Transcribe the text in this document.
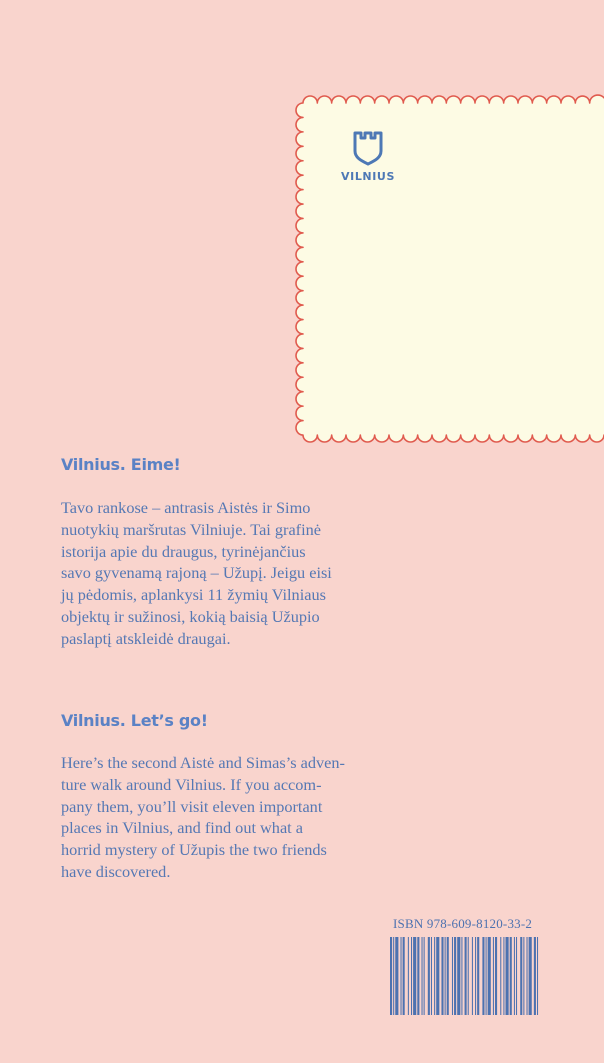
VILNIUS
Vilnius. Eime!

Tavo rankose – antrasis Aistės ir Simo
nuotykių maršrutas Vilniuje. Tai grafinė
istorija apie du draugus, tyrinėjančius
savo gyvenamą rajoną – Užupį. Jeigu eisi
jų pėdomis, aplankysi 11 žymių Vilniaus
objektų ir sužinosi, kokią baisią Užupio
paslaptį atskleidė draugai.

Vilnius. Let’s go!

Here’s the second Aistė and Simas’s adven-
ture walk around Vilnius. If you accom-
pany them, you’ll visit eleven important
places in Vilnius, and find out what a
horrid mystery of Užupis the two friends
have discovered.

ISBN 978-609-8120-33-2
